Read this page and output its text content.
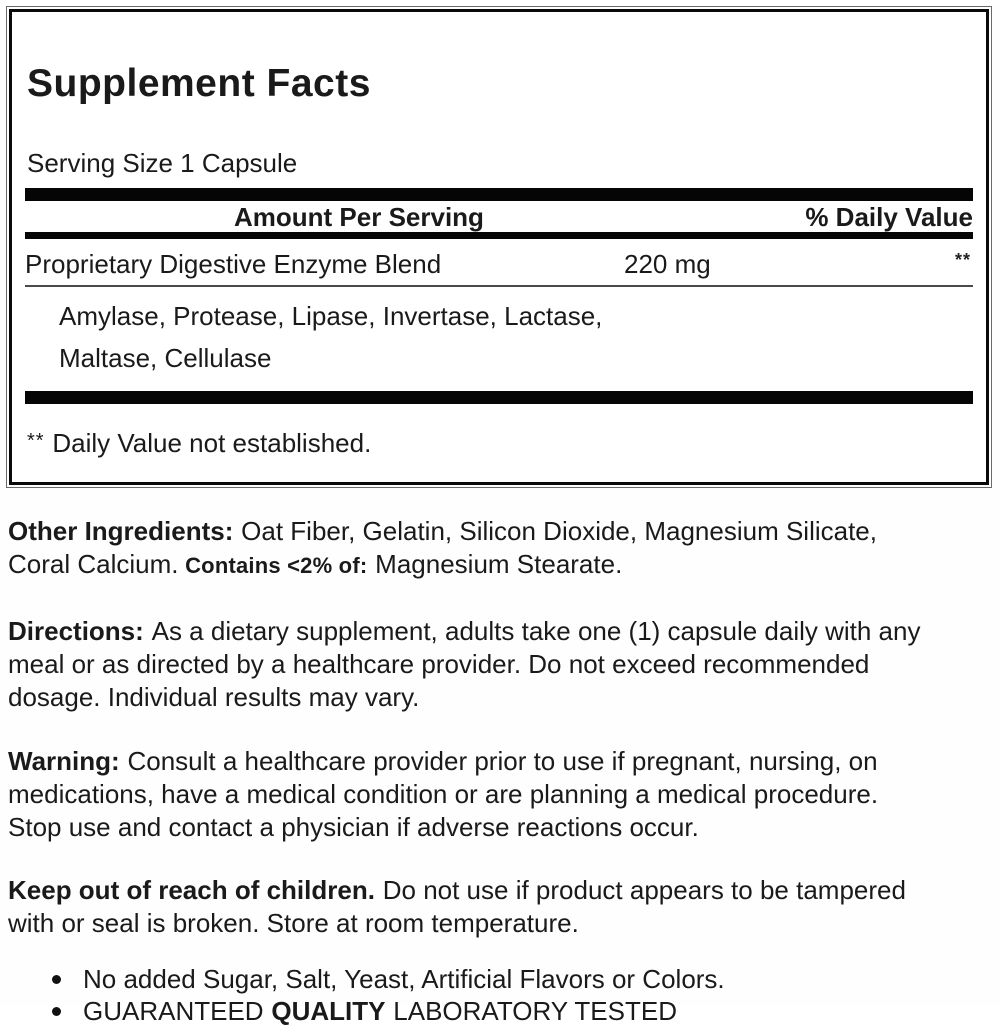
Supplement Facts
Serving Size 1 Capsule
Amount Per Serving	% Daily Value
Proprietary Digestive Enzyme Blend	220 mg	**
Amylase, Protease, Lipase, Invertase, Lactase,
Maltase, Cellulase
** Daily Value not established.
Other Ingredients: Oat Fiber, Gelatin, Silicon Dioxide, Magnesium Silicate,
Coral Calcium. Contains <2% of: Magnesium Stearate.
Directions: As a dietary supplement, adults take one (1) capsule daily with any
meal or as directed by a healthcare provider. Do not exceed recommended
dosage. Individual results may vary.
Warning: Consult a healthcare provider prior to use if pregnant, nursing, on
medications, have a medical condition or are planning a medical procedure.
Stop use and contact a physician if adverse reactions occur.
Keep out of reach of children. Do not use if product appears to be tampered
with or seal is broken. Store at room temperature.
No added Sugar, Salt, Yeast, Artificial Flavors or Colors.
GUARANTEED QUALITY LABORATORY TESTED
